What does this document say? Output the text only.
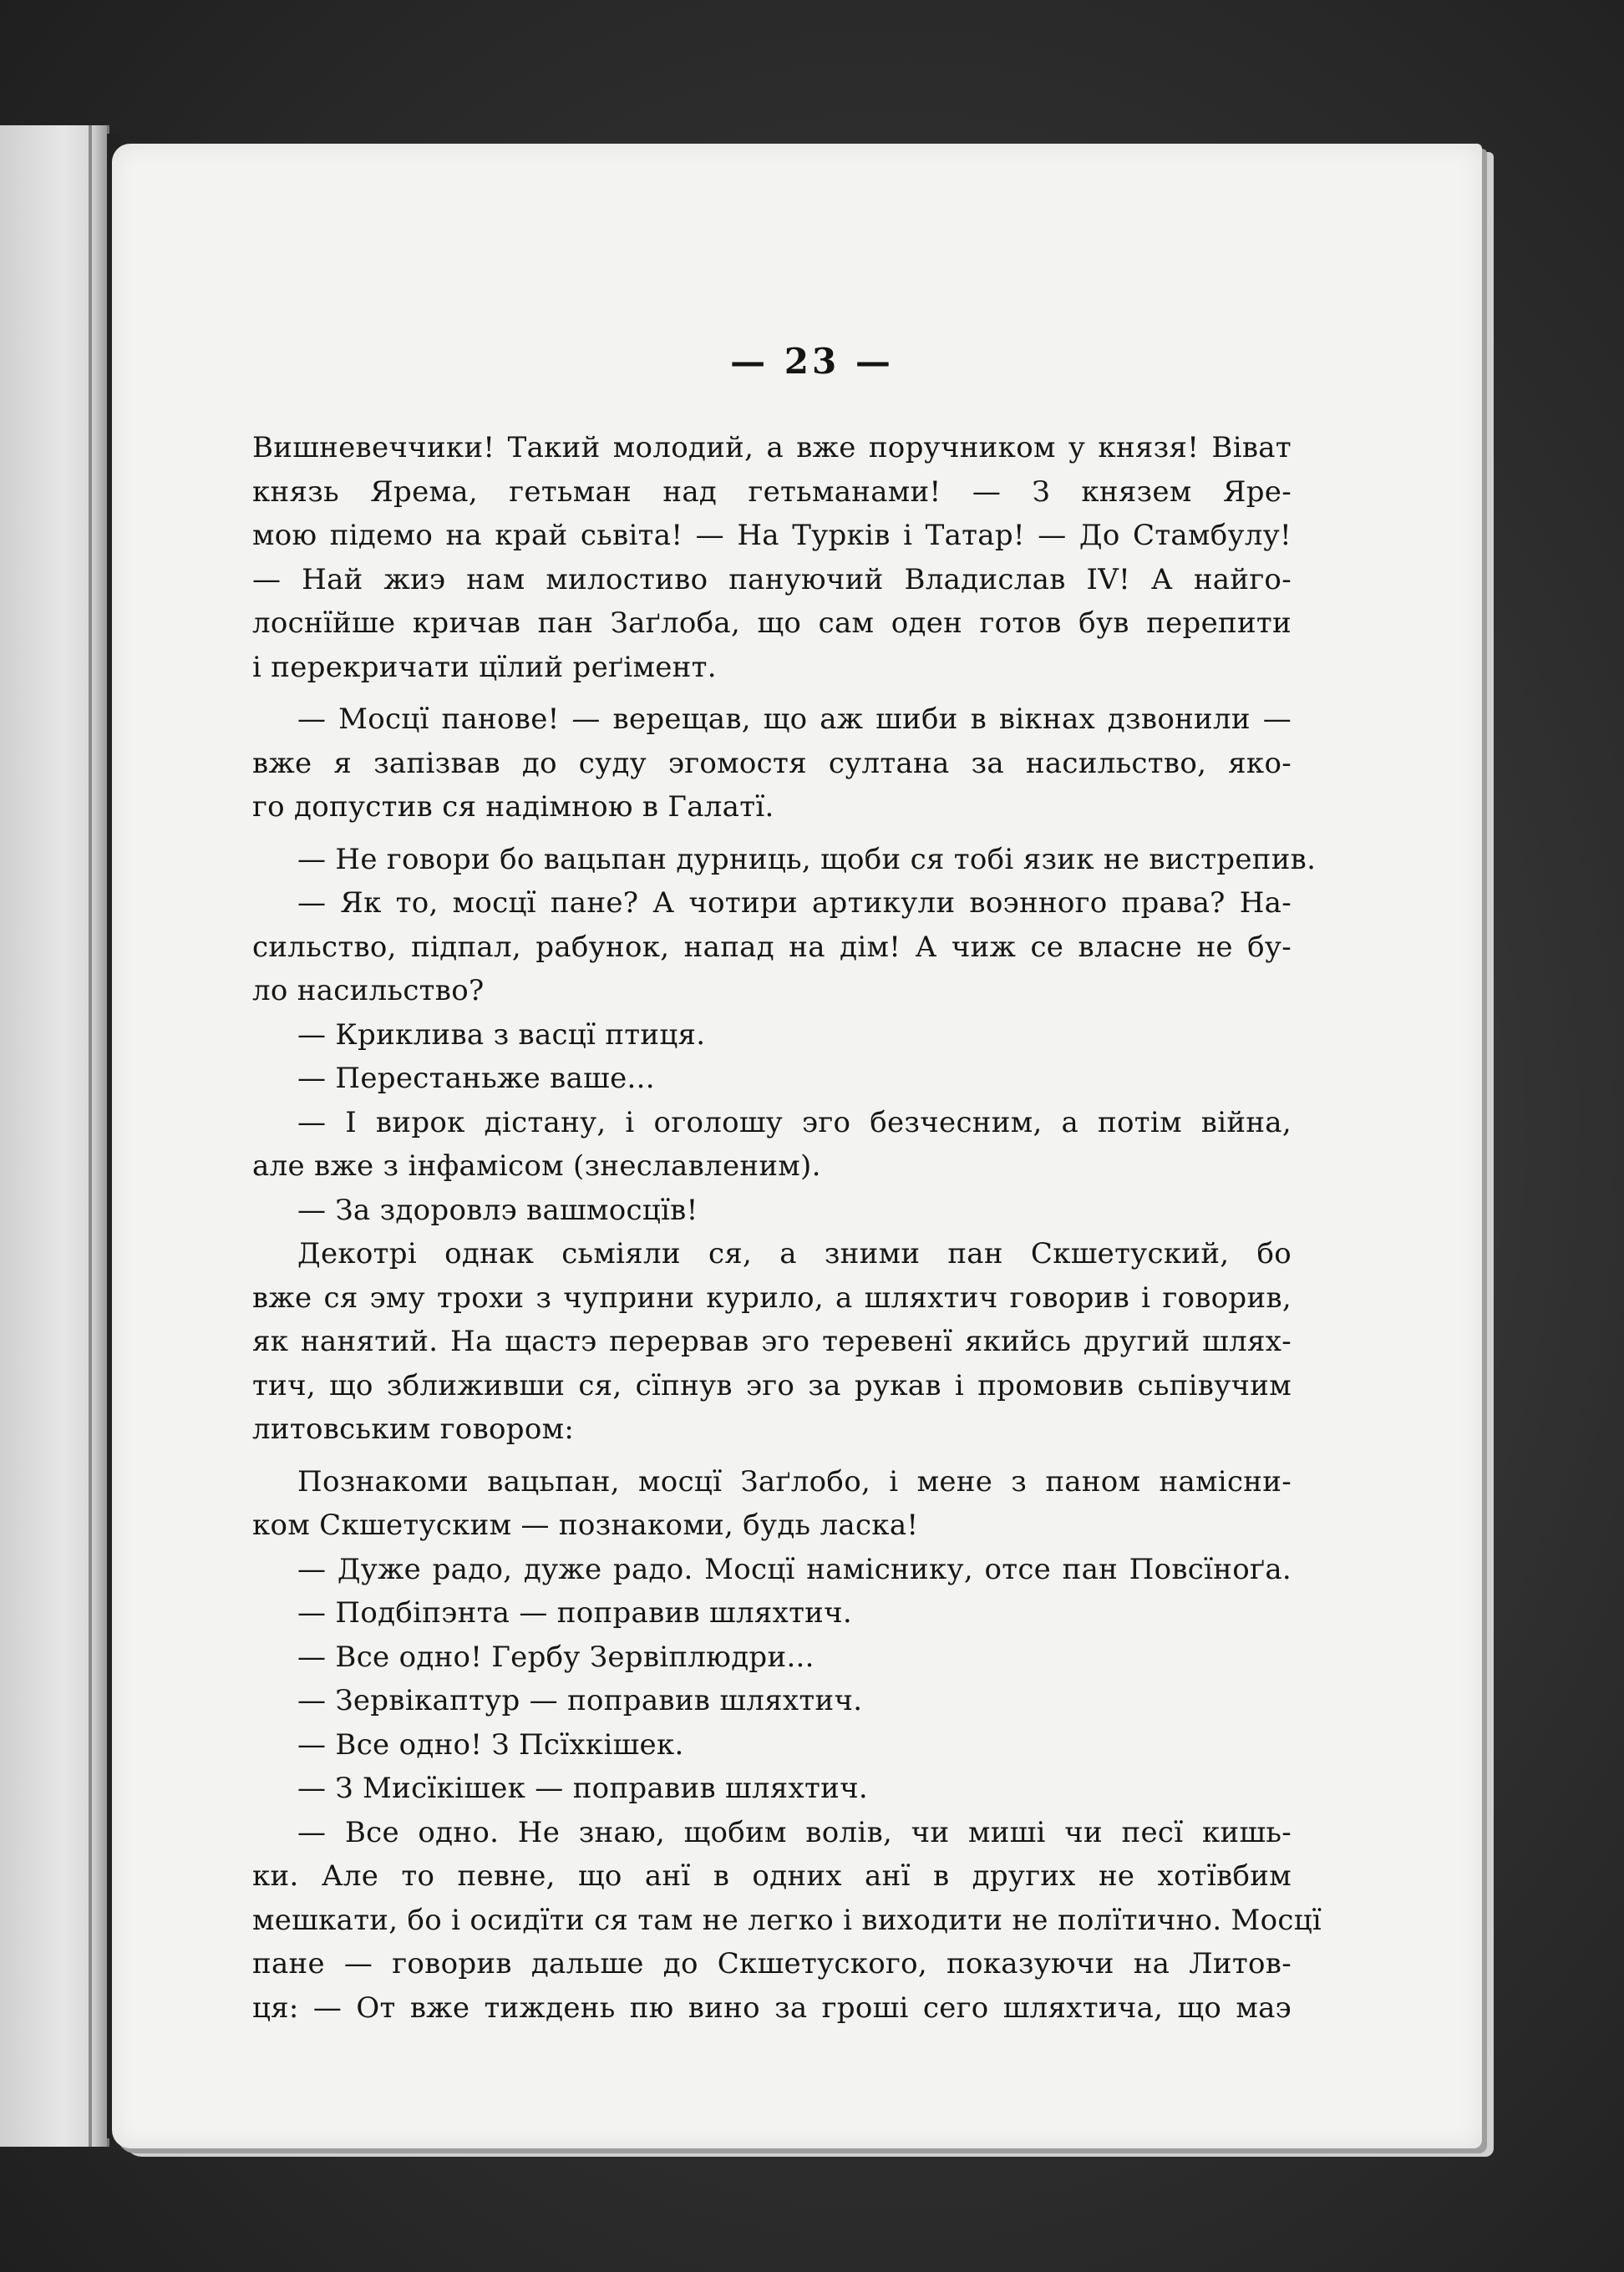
— 23 —
Вишневеччики! Такий молодий, а вже поручником у князя! Віват
князь Ярема, гетьман над гетьманами! — З князем Яре-
мою підемо на край сьвіта! — На Турків і Татар! — До Стамбулу!
— Най жиэ нам милостиво пануючий Владислав IV! А найго-
лоснїйше кричав пан Заґлоба, що сам оден готов був перепити
і перекричати цїлий реґімент.
— Мосцї панове! — верещав, що аж шиби в вікнах дзвонили —
вже я запізвав до суду эгомостя султана за насильство, яко-
го допустив ся надімною в Галатї.
— Не говори бо вацьпан дурниць, щоби ся тобі язик не вистрепив.
— Як то, мосцї пане? А чотири артикули воэнного права? На-
сильство, підпал, рабунок, напад на дім! А чиж се власне не бу-
ло насильство?
— Криклива з васцї птиця.
— Перестаньже ваше...
— І вирок дістану, і оголошу эго безчесним, а потім війна,
але вже з інфамісом (знеславленим).
— За здоровлэ вашмосцїв!
Декотрі однак сьміяли ся, а зними пан Скшетуский, бо
вже ся эму трохи з чуприни курило, а шляхтич говорив і говорив,
як нанятий. На щастэ перервав эго теревенї якийсь другий шлях-
тич, що зближивши ся, сїпнув эго за рукав і промовив сьпівучим
литовським говором:
Познакоми вацьпан, мосцї Заґлобо, і мене з паном намісни-
ком Скшетуским — познакоми, будь ласка!
— Дуже радо, дуже радо. Мосцї наміснику, отсе пан Повсїноґа.
— Подбіпэнта — поправив шляхтич.
— Все одно! Гербу Зервіплюдри...
— Зервікаптур — поправив шляхтич.
— Все одно! З Псїхкішек.
— З Мисїкішек — поправив шляхтич.
— Все одно. Не знаю, щобим волів, чи миші чи песї кишь-
ки. Але то певне, що анї в одних анї в других не хотївбим
мешкати, бо і осидїти ся там не легко і виходити не полїтично. Мосцї
пане — говорив дальше до Скшетуского, показуючи на Литов-
ця: — От вже тиждень пю вино за гроші сего шляхтича, що маэ
